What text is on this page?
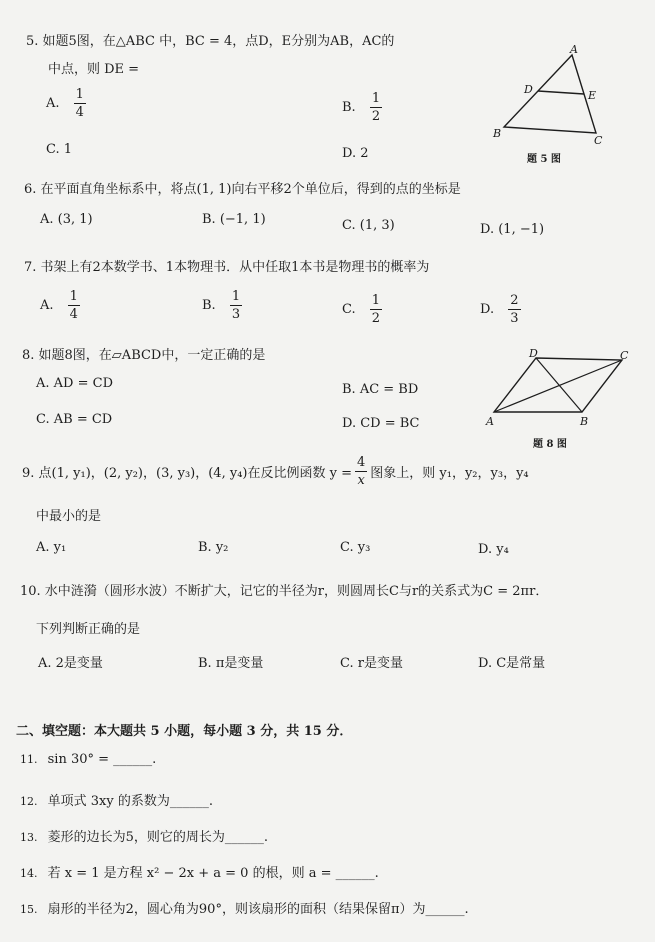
5. 如题5图，在△ABC 中，BC = 4，点D，E分别为AB，AC的
中点，则 DE =
A. $\frac{1}{4}$	B. $\frac{1}{2}$
C. 1	D. 2
A
D	E
B
C
题 5 图
6. 在平面直角坐标系中，将点(1, 1)向右平移2个单位后，得到的点的坐标是
A. (3, 1)	B. (−1, 1)	C. (1, 3)	D. (1, −1)
7. 书架上有2本数学书、1本物理书．从中任取1本书是物理书的概率为
A. $\frac{1}{4}$	B. $\frac{1}{3}$	C. $\frac{1}{2}$	D. $\frac{2}{3}$
8. 如题8图，在▱ABCD中，一定正确的是
A. AD = CD	B. AC = BD
C. AB = CD	D. CD = BC
D	C
A	B
题 8 图
9. 点(1, y₁)，(2, y₂)，(3, y₃)，(4, y₄)在反比例函数 $y = \frac{4}{x}$ 图象上，则 y₁，y₂，y₃，y₄
中最小的是
A. y₁	B. y₂	C. y₃	D. y₄
10. 水中涟漪（圆形水波）不断扩大，记它的半径为r，则圆周长C与r的关系式为C = 2πr．
下列判断正确的是
A. 2是变量	B. π是变量	C. r是变量	D. C是常量
二、填空题：本大题共 5 小题，每小题 3 分，共 15 分．
11. sin 30° = ______.
12. 单项式 3xy 的系数为______.
13. 菱形的边长为5，则它的周长为______.
14. 若 x = 1 是方程 x² − 2x + a = 0 的根，则 a = ______.
15. 扇形的半径为2，圆心角为90°，则该扇形的面积（结果保留π）为______.
